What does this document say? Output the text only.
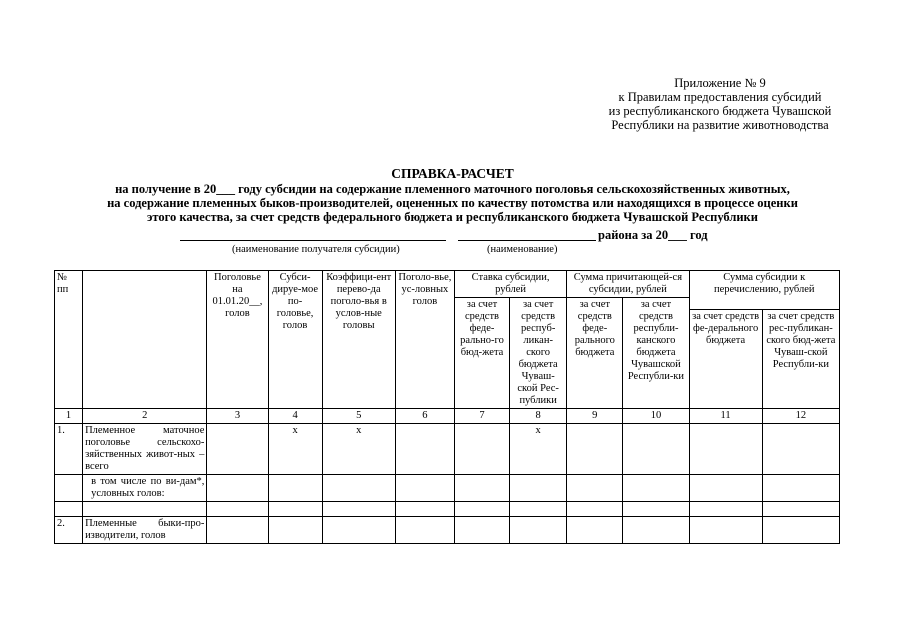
Приложение № 9
к Правилам предоставления субсидий
из республиканского бюджета Чувашской
Республики на развитие животноводства
СПРАВКА-РАСЧЕТ
на получение в 20___ году субсидии на содержание племенного маточного поголовья сельскохозяйственных животных,
на содержание племенных быков-производителей, оцененных по качеству потомства или находящихся в процессе оценки
этого качества, за счет средств федерального бюджета и республиканского бюджета Чувашской Республики
района за 20___ год
(наименование получателя субсидии)	(наименование)
№ пп		Поголовье на 01.01.20__, голов	Субси-дируе-мое по-головье, голов	Коэффици-ент перево-да поголо-вья в услов-ные головы	Поголо-вье, ус-ловных голов	Ставка субсидии, рублей		Сумма причитающей-ся субсидии, рублей		Сумма субсидии к перечислению, рублей	
						за счет средств феде-рально-го бюд-жета	за счет средств респуб-ликан-ского бюджета Чуваш-ской Рес-публики	за счет средств феде-рального бюджета	за счет средств республи-канского бюджета Чувашской Республи-ки		
										за счет средств фе-дерального бюджета	за счет средств рес-публикан-ского бюд-жета Чуваш-ской Республи-ки
1	2	3	4	5	6	7	8	9	10	11	12
1.	Племенное маточное поголовье сельскохо-зяйственных живот-ных – всего		х	х			х				
	в том числе по ви-дам*, условных голов:										

2.	Племенные быки-про-изводители, голов										
